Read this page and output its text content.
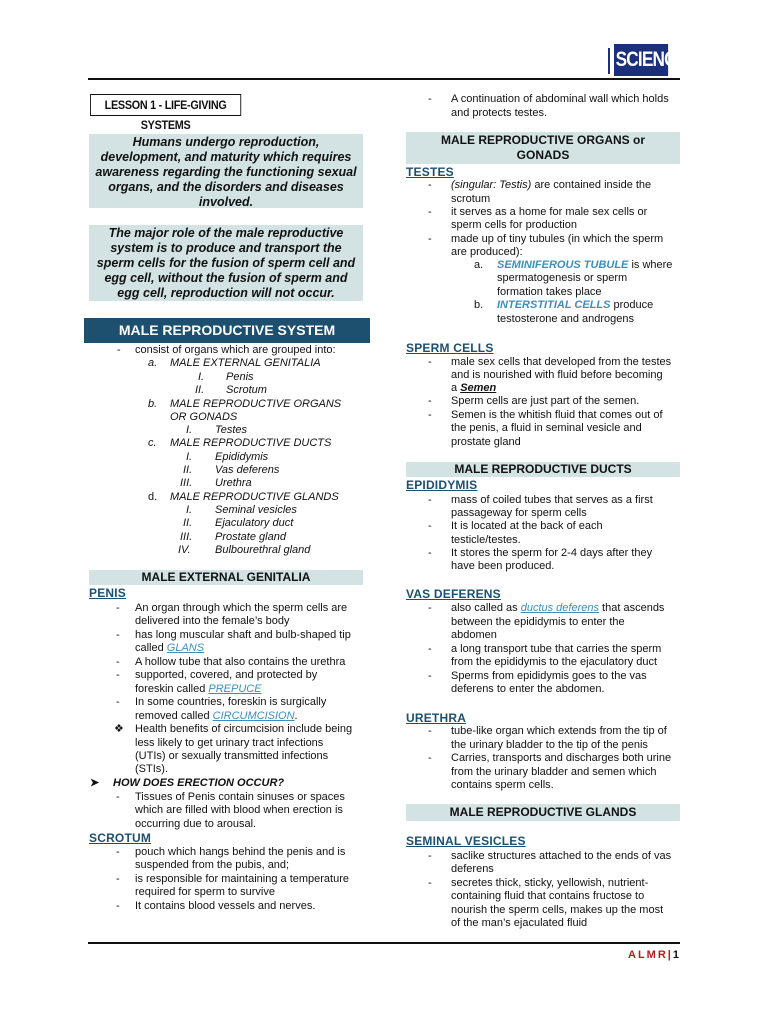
SCIENCE
LESSON 1 - LIFE-GIVING SYSTEMS
Humans undergo reproduction, development, and maturity which requires awareness regarding the functioning sexual organs, and the disorders and diseases involved.
The major role of the male reproductive system is to produce and transport the sperm cells for the fusion of sperm cell and egg cell, without the fusion of sperm and egg cell, reproduction will not occur.
MALE REPRODUCTIVE SYSTEM
- consist of organs which are grouped into:
a. MALE EXTERNAL GENITALIA
I. Penis
II. Scrotum
b. MALE REPRODUCTIVE ORGANS
OR GONADS
I. Testes
c. MALE REPRODUCTIVE DUCTS
I. Epididymis
II. Vas deferens
III. Urethra
d. MALE REPRODUCTIVE GLANDS
I. Seminal vesicles
II. Ejaculatory duct
III. Prostate gland
IV. Bulbourethral gland
MALE EXTERNAL GENITALIA
PENIS
- An organ through which the sperm cells are
delivered into the female’s body
- has long muscular shaft and bulb-shaped tip
called GLANS
- A hollow tube that also contains the urethra
- supported, covered, and protected by
foreskin called PREPUCE
- In some countries, foreskin is surgically
removed called CIRCUMCISION.
❖ Health benefits of circumcision include being
less likely to get urinary tract infections
(UTIs) or sexually transmitted infections
(STIs).
➤ HOW DOES ERECTION OCCUR?
- Tissues of Penis contain sinuses or spaces
which are filled with blood when erection is
occurring due to arousal.
SCROTUM
- pouch which hangs behind the penis and is
suspended from the pubis, and;
- is responsible for maintaining a temperature
required for sperm to survive
- It contains blood vessels and nerves.
- A continuation of abdominal wall which holds
and protects testes.
MALE REPRODUCTIVE ORGANS or
GONADS
TESTES
- (singular: Testis) are contained inside the
scrotum
- it serves as a home for male sex cells or
sperm cells for production
- made up of tiny tubules (in which the sperm
are produced):
a. SEMINIFEROUS TUBULE is where
spermatogenesis or sperm
formation takes place
b. INTERSTITIAL CELLS produce
testosterone and androgens
SPERM CELLS
- male sex cells that developed from the testes
and is nourished with fluid before becoming
a Semen
- Sperm cells are just part of the semen.
- Semen is the whitish fluid that comes out of
the penis, a fluid in seminal vesicle and
prostate gland
MALE REPRODUCTIVE DUCTS
EPIDIDYMIS
- mass of coiled tubes that serves as a first
passageway for sperm cells
- It is located at the back of each
testicle/testes.
- It stores the sperm for 2-4 days after they
have been produced.
VAS DEFERENS
- also called as ductus deferens that ascends
between the epididymis to enter the
abdomen
- a long transport tube that carries the sperm
from the epididymis to the ejaculatory duct
- Sperms from epididymis goes to the vas
deferens to enter the abdomen.
URETHRA
- tube-like organ which extends from the tip of
the urinary bladder to the tip of the penis
- Carries, transports and discharges both urine
from the urinary bladder and semen which
contains sperm cells.
MALE REPRODUCTIVE GLANDS
SEMINAL VESICLES
- saclike structures attached to the ends of vas
deferens
- secretes thick, sticky, yellowish, nutrient-
containing fluid that contains fructose to
nourish the sperm cells, makes up the most
of the man’s ejaculated fluid
ALMR|1
